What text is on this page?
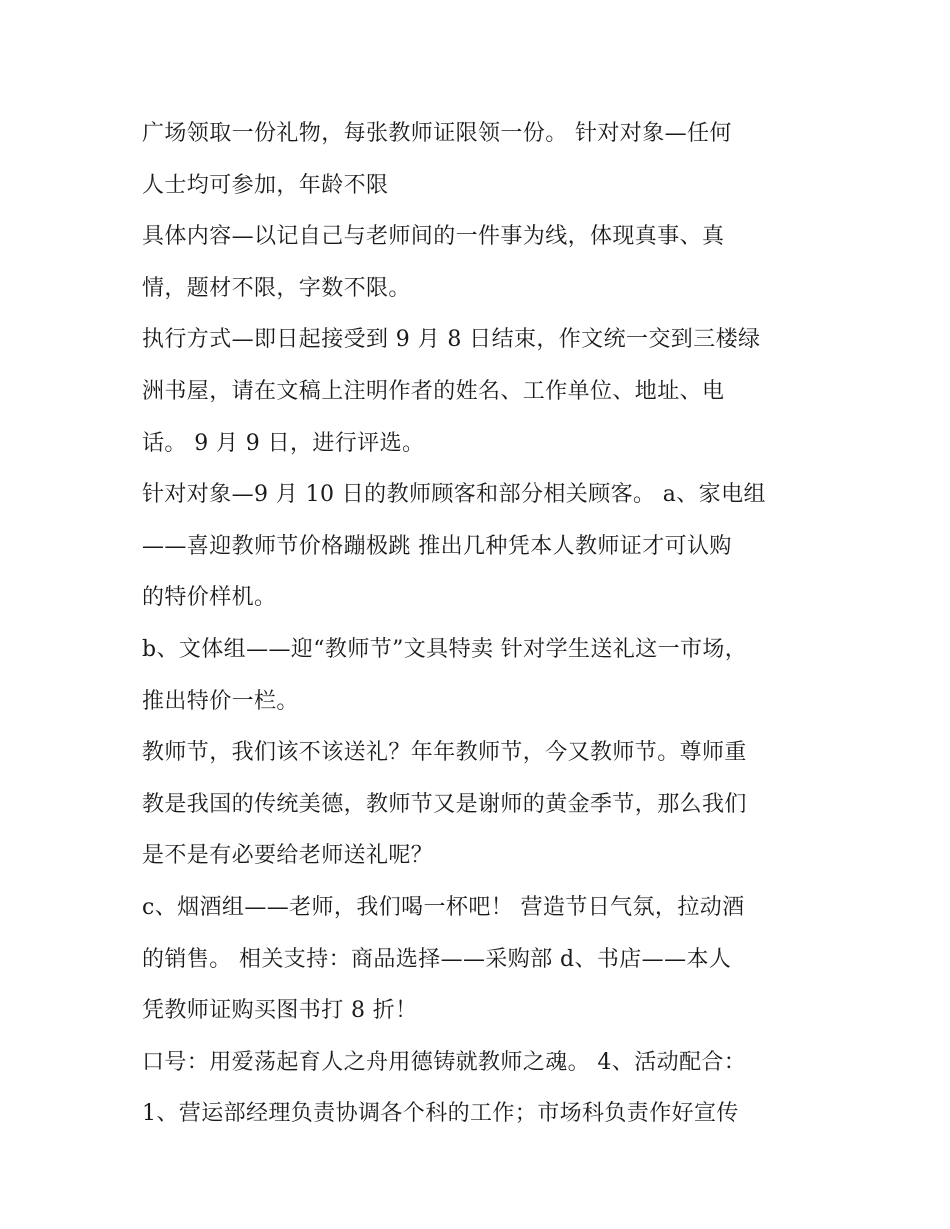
广场领取一份礼物，每张教师证限领一份。 针对对象—任何
人士均可参加，年龄不限
具体内容—以记自己与老师间的一件事为线，体现真事、真
情，题材不限，字数不限。
执行方式—即日起接受到 9 月 8 日结束，作文统一交到三楼绿
洲书屋，请在文稿上注明作者的姓名、工作单位、地址、电
话。 9 月 9 日，进行评选。
针对对象—9 月 10 日的教师顾客和部分相关顾客。 a、家电组
——喜迎教师节价格蹦极跳 推出几种凭本人教师证才可认购
的特价样机。
b、文体组——迎“教师节”文具特卖 针对学生送礼这一市场，
推出特价一栏。
教师节，我们该不该送礼？年年教师节，今又教师节。尊师重
教是我国的传统美德，教师节又是谢师的黄金季节，那么我们
是不是有必要给老师送礼呢？
c、烟酒组——老师，我们喝一杯吧！ 营造节日气氛，拉动酒
的销售。 相关支持：商品选择——采购部 d、书店——本人
凭教师证购买图书打 8 折！
口号：用爱荡起育人之舟用德铸就教师之魂。 4、活动配合：
1、营运部经理负责协调各个科的工作；市场科负责作好宣传
